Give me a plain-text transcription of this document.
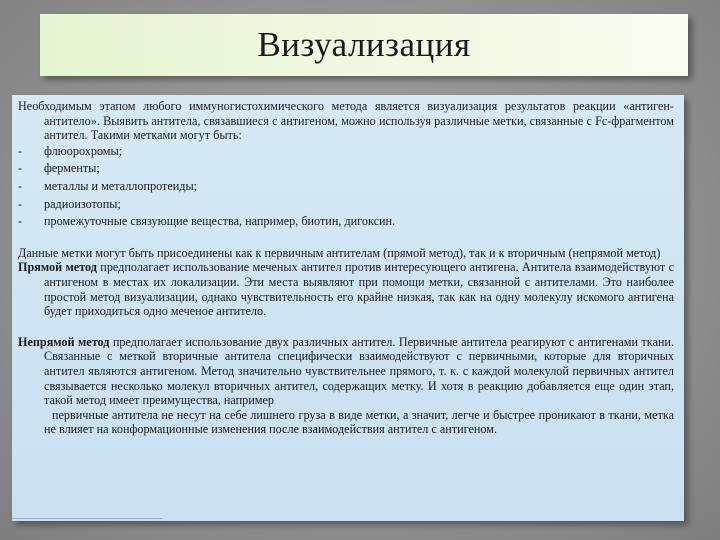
Визуализация

Необходимым этапом любого иммуногистохимического метода является визуализация результатов реакции «антиген-антитело». Выявить антитела, связавшиеся с антигеном, можно используя различные метки, связанные с Fc-фрагментом антител. Такими метками могут быть:

- флюорохромы;
- ферменты;
- металлы и металлопротеиды;
- радиоизотопы;
- промежуточные связующие вещества, например, биотин, дигоксин.

Данные метки могут быть присоединены как к первичным антителам (прямой метод), так и к вторичным (непрямой метод)

Прямой метод предполагает использование меченых антител против интересующего антигена. Антитела взаимодействуют с антигеном в местах их локализации. Эти места выявляют при помощи метки, связанной с антителами. Это наиболее простой метод визуализации, однако чувствительность его крайне низкая, так как на одну молекулу искомого антигена будет приходиться одно меченое антитело.

Непрямой метод предполагает использование двух различных антител. Первичные антитела реагируют с антигенами ткани. Связанные с меткой вторичные антитела специфически взаимодействуют с первичными, которые для вторичных антител являются антигеном. Метод значительно чувствительнее прямого, т. к. с каждой молекулой первичных антител связывается несколько молекул вторичных антител, содержащих метку. И хотя в реакцию добавляется еще один этап, такой метод имеет преимущества, например

первичные антитела не несут на себе лишнего груза в виде метки, а значит, легче и быстрее проникают в ткани, метка не влияет на конформационные изменения после взаимодействия антител с антигеном.
